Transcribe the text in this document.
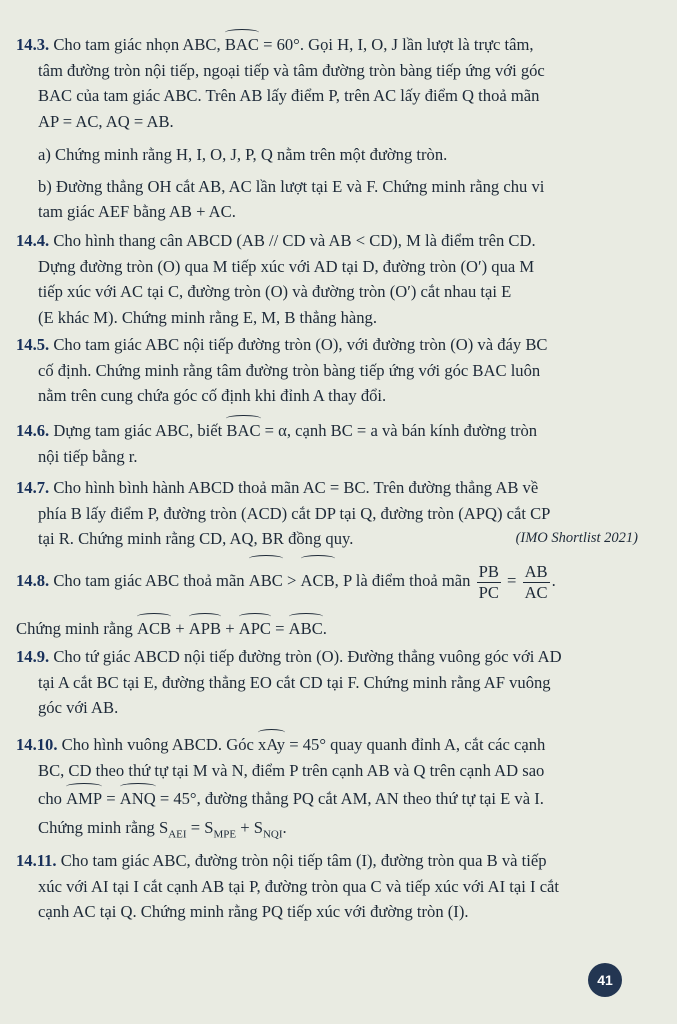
14.3. Cho tam giác nhọn ABC, BAC = 60°. Gọi H, I, O, J lần lượt là trực tâm,
tâm đường tròn nội tiếp, ngoại tiếp và tâm đường tròn bàng tiếp ứng với góc
BAC của tam giác ABC. Trên AB lấy điểm P, trên AC lấy điểm Q thoả mãn
AP = AC, AQ = AB.
a) Chứng minh rằng H, I, O, J, P, Q nằm trên một đường tròn.
b) Đường thẳng OH cắt AB, AC lần lượt tại E và F. Chứng minh rằng chu vi
tam giác AEF bằng AB + AC.
14.4. Cho hình thang cân ABCD (AB // CD và AB < CD), M là điểm trên CD.
Dựng đường tròn (O) qua M tiếp xúc với AD tại D, đường tròn (O′) qua M
tiếp xúc với AC tại C, đường tròn (O) và đường tròn (O′) cắt nhau tại E
(E khác M). Chứng minh rằng E, M, B thẳng hàng.
14.5. Cho tam giác ABC nội tiếp đường tròn (O), với đường tròn (O) và đáy BC
cố định. Chứng minh rằng tâm đường tròn bàng tiếp ứng với góc BAC luôn
nằm trên cung chứa góc cố định khi đỉnh A thay đổi.
14.6. Dựng tam giác ABC, biết BAC = α, cạnh BC = a và bán kính đường tròn
nội tiếp bằng r.
14.7. Cho hình bình hành ABCD thoả mãn AC = BC. Trên đường thẳng AB về
phía B lấy điểm P, đường tròn (ACD) cắt DP tại Q, đường tròn (APQ) cắt CP
tại R. Chứng minh rằng CD, AQ, BR đồng quy.	(IMO Shortlist 2021)
14.8. Cho tam giác ABC thoả mãn ABC > ACB, P là điểm thoả mãn $\frac{PB}{PC} = \frac{AB}{AC}$ .
Chứng minh rằng ACB + APB + APC = ABC.
14.9. Cho tứ giác ABCD nội tiếp đường tròn (O). Đường thẳng vuông góc với AD
tại A cắt BC tại E, đường thẳng EO cắt CD tại F. Chứng minh rằng AF vuông
góc với AB.
14.10. Cho hình vuông ABCD. Góc xAy = 45° quay quanh đỉnh A, cắt các cạnh
BC, CD theo thứ tự tại M và N, điểm P trên cạnh AB và Q trên cạnh AD sao
cho AMP = ANQ = 45°, đường thẳng PQ cắt AM, AN theo thứ tự tại E và I.
Chứng minh rằng $S_{AEI} = S_{MPE} + S_{NQI}$.
14.11. Cho tam giác ABC, đường tròn nội tiếp tâm (I), đường tròn qua B và tiếp
xúc với AI tại I cắt cạnh AB tại P, đường tròn qua C và tiếp xúc với AI tại I cắt
cạnh AC tại Q. Chứng minh rằng PQ tiếp xúc với đường tròn (I).
41
